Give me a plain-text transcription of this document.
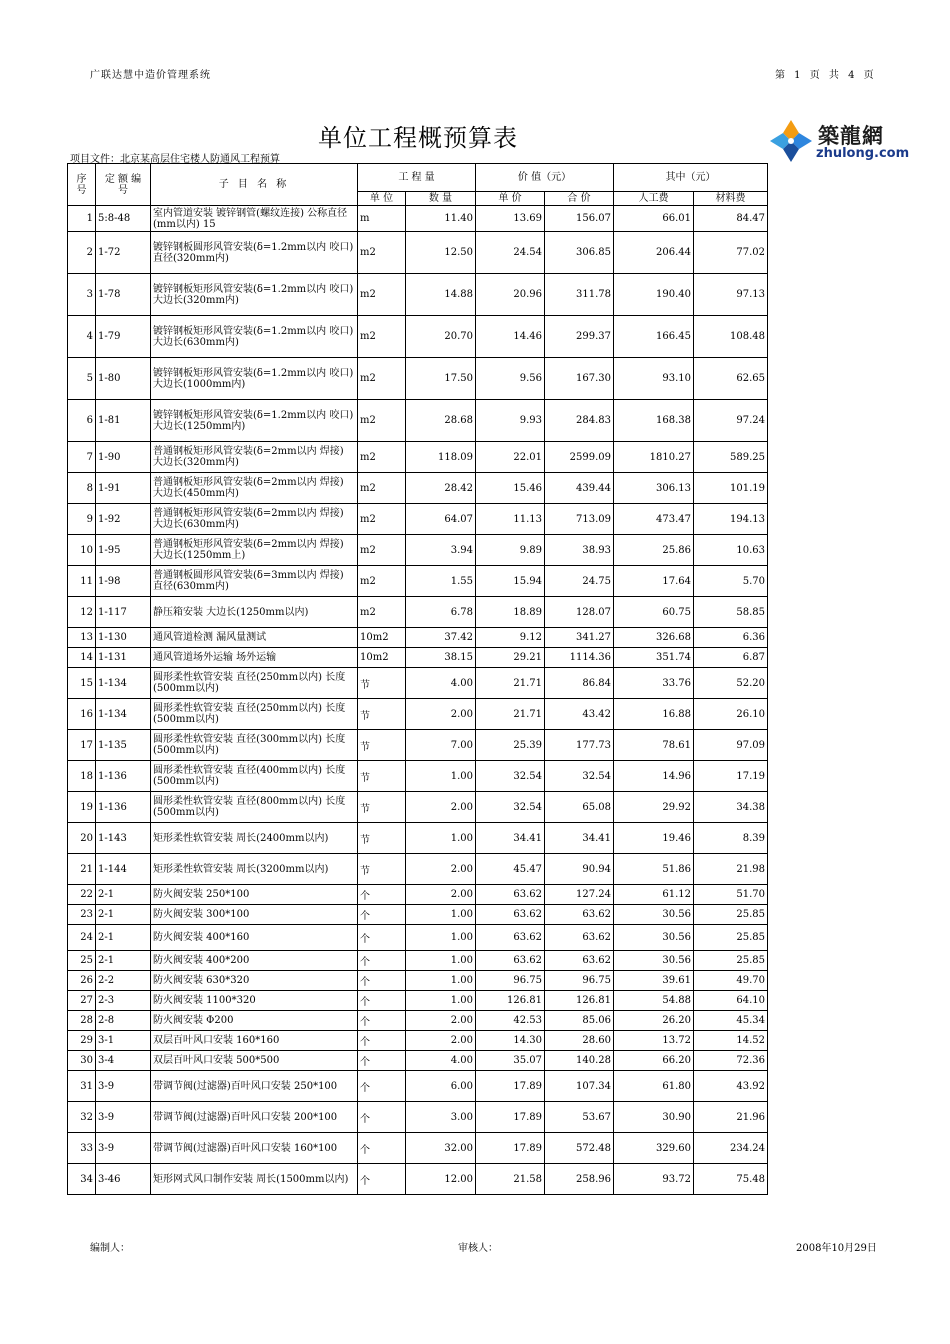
广联达慧中造价管理系统	第 1 页 共 4 页
单位工程概预算表	築龍網
zhulong.com
项目文件：北京某高层住宅楼人防通风工程预算
序号	定 额 编 号	子 目 名 称	工 程 量		价 值（元）		其中（元）	
			单 位	数 量	单 价	合 价	人工费	材料费
1	5:8-48	室内管道安装 镀锌钢管(螺纹连接) 公称直径(mm以内) 15	m	11.40	13.69	156.07	66.01	84.47
2	1-72	镀锌钢板圆形风管安装(δ=1.2mm以内 咬口)直径(320mm内)	m2	12.50	24.54	306.85	206.44	77.02
3	1-78	镀锌钢板矩形风管安装(δ=1.2mm以内 咬口)大边长(320mm内)	m2	14.88	20.96	311.78	190.40	97.13
4	1-79	镀锌钢板矩形风管安装(δ=1.2mm以内 咬口)大边长(630mm内)	m2	20.70	14.46	299.37	166.45	108.48
5	1-80	镀锌钢板矩形风管安装(δ=1.2mm以内 咬口)大边长(1000mm内)	m2	17.50	9.56	167.30	93.10	62.65
6	1-81	镀锌钢板矩形风管安装(δ=1.2mm以内 咬口)大边长(1250mm内)	m2	28.68	9.93	284.83	168.38	97.24
7	1-90	普通钢板矩形风管安装(δ=2mm以内 焊接) 大边长(320mm内)	m2	118.09	22.01	2599.09	1810.27	589.25
8	1-91	普通钢板矩形风管安装(δ=2mm以内 焊接) 大边长(450mm内)	m2	28.42	15.46	439.44	306.13	101.19
9	1-92	普通钢板矩形风管安装(δ=2mm以内 焊接) 大边长(630mm内)	m2	64.07	11.13	713.09	473.47	194.13
10	1-95	普通钢板矩形风管安装(δ=2mm以内 焊接) 大边长(1250mm上)	m2	3.94	9.89	38.93	25.86	10.63
11	1-98	普通钢板圆形风管安装(δ=3mm以内 焊接) 直径(630mm内)	m2	1.55	15.94	24.75	17.64	5.70
12	1-117	静压箱安装 大边长(1250mm以内)	m2	6.78	18.89	128.07	60.75	58.85
13	1-130	通风管道检测 漏风量测试	10m2	37.42	9.12	341.27	326.68	6.36
14	1-131	通风管道场外运输 场外运输	10m2	38.15	29.21	1114.36	351.74	6.87
15	1-134	圆形柔性软管安装 直径(250mm以内) 长度(500mm以内)	节	4.00	21.71	86.84	33.76	52.20
16	1-134	圆形柔性软管安装 直径(250mm以内) 长度(500mm以内)	节	2.00	21.71	43.42	16.88	26.10
17	1-135	圆形柔性软管安装 直径(300mm以内) 长度(500mm以内)	节	7.00	25.39	177.73	78.61	97.09
18	1-136	圆形柔性软管安装 直径(400mm以内) 长度(500mm以内)	节	1.00	32.54	32.54	14.96	17.19
19	1-136	圆形柔性软管安装 直径(800mm以内) 长度(500mm以内)	节	2.00	32.54	65.08	29.92	34.38
20	1-143	矩形柔性软管安装 周长(2400mm以内)	节	1.00	34.41	34.41	19.46	8.39
21	1-144	矩形柔性软管安装 周长(3200mm以内)	节	2.00	45.47	90.94	51.86	21.98
22	2-1	防火阀安装 250*100	个	2.00	63.62	127.24	61.12	51.70
23	2-1	防火阀安装 300*100	个	1.00	63.62	63.62	30.56	25.85
24	2-1	防火阀安装 400*160	个	1.00	63.62	63.62	30.56	25.85
25	2-1	防火阀安装 400*200	个	1.00	63.62	63.62	30.56	25.85
26	2-2	防火阀安装 630*320	个	1.00	96.75	96.75	39.61	49.70
27	2-3	防火阀安装 1100*320	个	1.00	126.81	126.81	54.88	64.10
28	2-8	防火阀安装 Φ200	个	2.00	42.53	85.06	26.20	45.34
29	3-1	双层百叶风口安装 160*160	个	2.00	14.30	28.60	13.72	14.52
30	3-4	双层百叶风口安装 500*500	个	4.00	35.07	140.28	66.20	72.36
31	3-9	带调节阀(过滤器)百叶风口安装 250*100	个	6.00	17.89	107.34	61.80	43.92
32	3-9	带调节阀(过滤器)百叶风口安装 200*100	个	3.00	17.89	53.67	30.90	21.96
33	3-9	带调节阀(过滤器)百叶风口安装 160*100	个	32.00	17.89	572.48	329.60	234.24
34	3-46	矩形网式风口制作安装 周长(1500mm以内)	个	12.00	21.58	258.96	93.72	75.48
编制人：	审核人：	2008年10月29日
